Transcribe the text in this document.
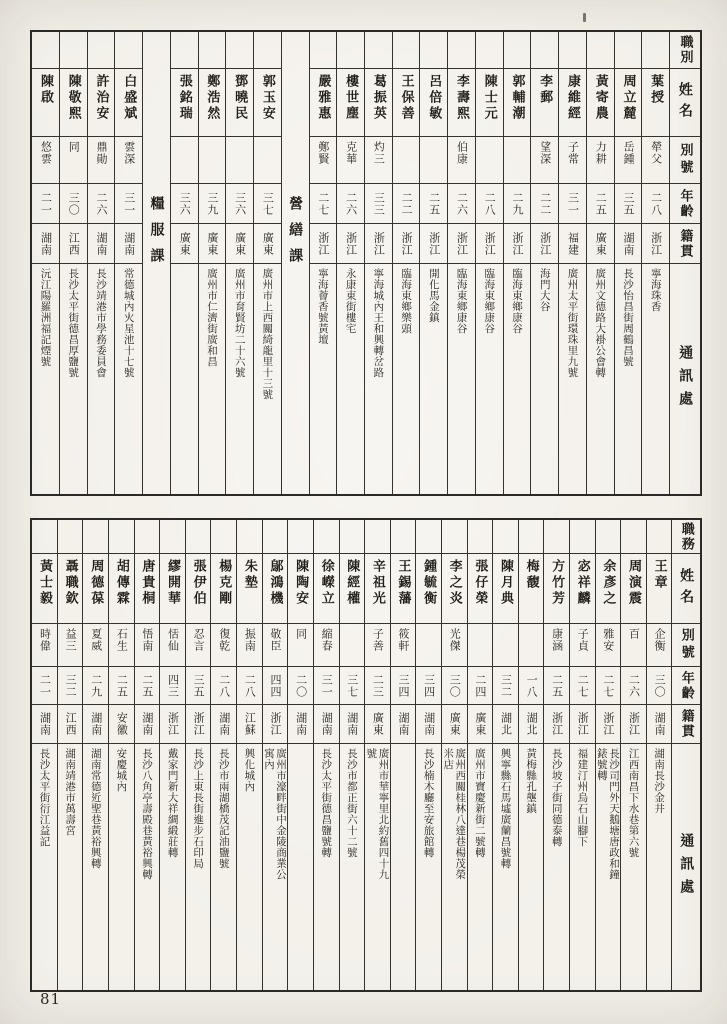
職別
姓名
別號
年齡
籍貫
通訊處
葉授
犖父
二八
浙江
寧海珠香
周立麓
岳鍾
三五
湖南
長沙怡昌街周鶴昌號
黃寄農
力耕
二五
廣東
廣州文德路大褂公會轉
康維經
子常
三一
福建
廣州太平街環珠里九號
李郵
望深
二二
浙江
海門大谷
郭輔潮
二九
浙江
臨海東鄉康谷
陳士元
二八
浙江
臨海東鄉康谷
李壽熙
伯康
二六
浙江
臨海東鄉康谷
呂倍敏
二五
浙江
開化馬金鎮
王保善
二二
浙江
臨海東鄉樂頭
葛振英
灼三
三三
浙江
寧海城內王和興轉岔路
樓世塵
克華
二六
浙江
永康東街樓宅
嚴雅惠
鄭賢
二七
浙江
寧海薈香號黃壇
營繕課
郭玉安
三七
廣東
廣州市上西關綺龍里十三號
鄧曉民
三六
廣東
廣州市育賢坊二十六號
鄭浩然
三九
廣東
廣州市仁濟街廣和昌
張銘瑞
三六
廣東
糧服課
白盛斌
雲深
三一
湖南
常德城內火星池十七號
許治安
鼎勛
二六
湖南
長沙靖港市學務委員會
陳敬熙
同
三〇
江西
長沙太平街德昌厚鹽號
陳啟
悠雲
二一
湖南
沅江陽羅洲福記煙號
職務
姓名
別號
年齡
籍貫
通訊處
王章
企衡
三〇
湖南
湖南長沙金井
周演震
百
二六
浙江
江西南昌下水巷第六號
余彥之
雅安
二七
浙江
長沙司門外天鵝塘唐政和鐘錶號轉
宓祥麟
子貞
二七
浙江
福建汀州烏石山腳下
方竹芳
康涵
二五
浙江
長沙坡子街同德泰轉
梅馥
一八
湖北
黃梅縣孔壟鎮
陳月典
三二
湖北
興寧縣石馬墟廣蘭昌號轉
張仔榮
二四
廣東
廣州市寶慶新街二號轉
李之炎
光傑
三〇
廣東
廣州西關桂林八達巷楊茂榮米店
鍾毓衡
三四
湖南
長沙楠木廳至安旅館轉
王錫藩
筱軒
三四
湖南
辛祖光
子善
二三
廣東
廣州市華寧里北約舊四十九號
陳經權
三七
湖南
長沙市都正街六十二號
徐嶸立
縮春
三一
湖南
長沙太平街德昌鹽號轉
陳陶安
同
二〇
湖南
鄔鴻機
敬臣
四四
浙江
廣州市濠畔街中金陵商業公寓內
朱墊
振南
二八
江蘇
興化城內
楊克剛
復乾
二八
湖南
長沙市兩湖橋茂記油鹽號
張伊伯
忍言
三五
浙江
長沙上東長街進步石印局
繆開華
恬仙
四三
浙江
戴家門新大祥綢緞莊轉
唐貴桐
悟南
二五
湖南
長沙八角亭壽殿巷黃裕興轉
胡傳霖
石生
二五
安徽
安慶城內
周德葆
夏威
二九
湖南
湖南常德近聖巷黃裕興轉
聶職欽
益三
三二
江西
湖南靖港市萬壽宮
黃士毅
時偉
二一
湖南
長沙太平街衍江益記
81
